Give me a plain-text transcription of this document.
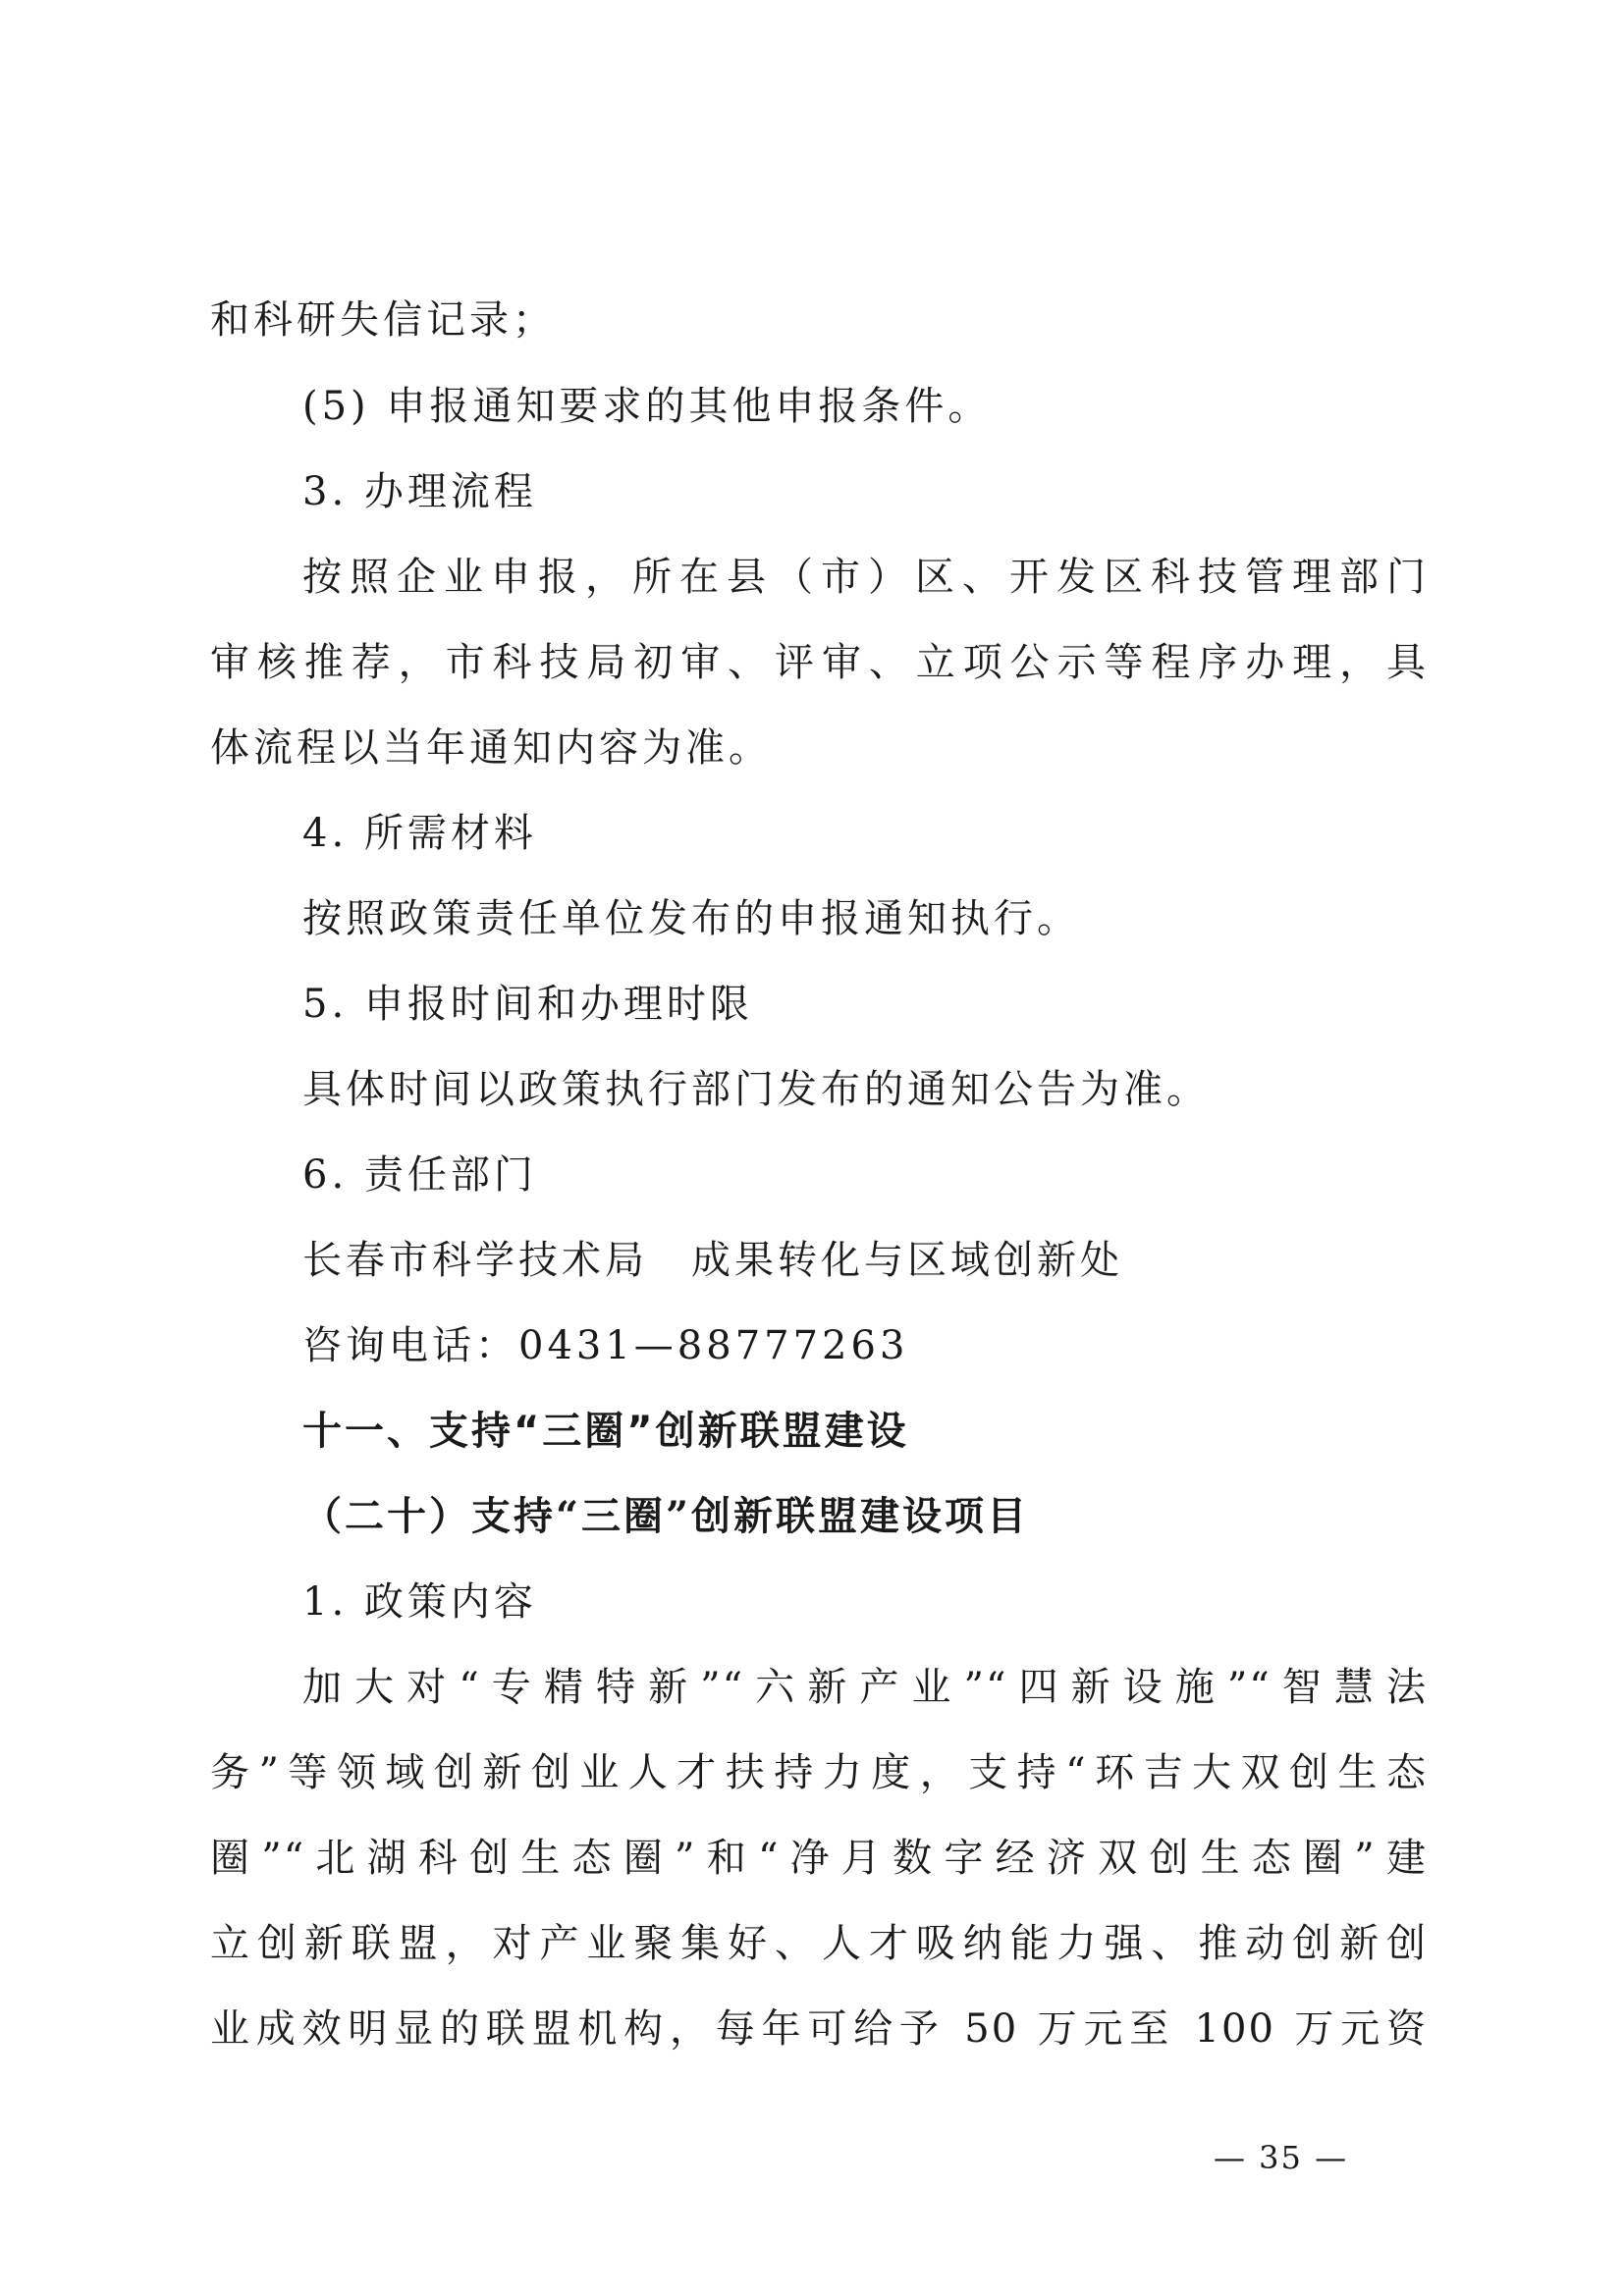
和科研失信记录；
(5) 申报通知要求的其他申报条件。
3. 办理流程
按照企业申报，所在县（市）区、开发区科技管理部门
审核推荐，市科技局初审、评审、立项公示等程序办理，具
体流程以当年通知内容为准。
4. 所需材料
按照政策责任单位发布的申报通知执行。
5. 申报时间和办理时限
具体时间以政策执行部门发布的通知公告为准。
6. 责任部门
长春市科学技术局　成果转化与区域创新处
咨询电话：0431—88777263
十一、支持“三圈”创新联盟建设
（二十）支持“三圈”创新联盟建设项目
1. 政策内容
加大对“专精特新”“六新产业”“四新设施”“智慧法
务”等领域创新创业人才扶持力度，支持“环吉大双创生态
圈”“北湖科创生态圈”和“净月数字经济双创生态圈”建
立创新联盟，对产业聚集好、人才吸纳能力强、推动创新创
业成效明显的联盟机构，每年可给予 50 万元至 100 万元资
— 35 —
